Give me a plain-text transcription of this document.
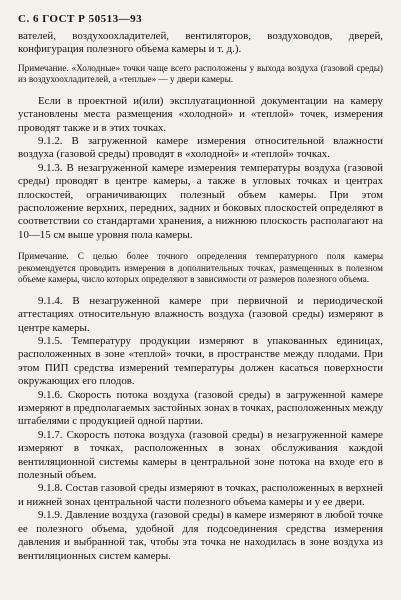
С. 6 ГОСТ Р 50513—93

вателей, воздухоохладителей, вентиляторов, воздуховодов, дверей, конфигурация полезного объема камеры и т. д.).

Примечание. «Холодные» точки чаще всего расположены у выхода воздуха (газовой среды) из воздухоохладителей, а «теплые» — у двери камеры.

Если в проектной и(или) эксплуатационной документации на камеру установлены места размещения «холодной» и «теплой» точек, измерения проводят также и в этих точках.

9.1.2. В загруженной камере измерения относительной влажности воздуха (газовой среды) проводят в «холодной» и «теплой» точках.

9.1.3. В незагруженной камере измерения температуры воздуха (газовой среды) проводят в центре камеры, а также в угловых точках и центрах плоскостей, ограничивающих полезный объем камеры. При этом расположение верхних, передних, задних и боковых плоскостей определяют в соответствии со стандартами хранения, а нижнюю плоскость располагают на 10—15 см выше уровня пола камеры.

Примечание. С целью более точного определения температурного поля камеры рекомендуется проводить измерения в дополнительных точках, размещенных в полезном объеме камеры, число которых определяют в зависимости от размеров полезного объема.

9.1.4. В незагруженной камере при первичной и периодической аттестациях относительную влажность воздуха (газовой среды) измеряют в центре камеры.

9.1.5. Температуру продукции измеряют в упакованных единицах, расположенных в зоне «теплой» точки, в пространстве между плодами. При этом ПИП средства измерений температуры должен касаться поверхности окружающих его плодов.

9.1.6. Скорость потока воздуха (газовой среды) в загруженной камере измеряют в предполагаемых застойных зонах в точках, расположенных между штабелями с продукцией одной партии.

9.1.7. Скорость потока воздуха (газовой среды) в незагруженной камере измеряют в точках, расположенных в зонах обслуживания каждой вентиляционной системы камеры в центральной зоне потока на входе его в полезный объем.

9.1.8. Состав газовой среды измеряют в точках, расположенных в верхней и нижней зонах центральной части полезного объема камеры и у ее двери.

9.1.9. Давление воздуха (газовой среды) в камере измеряют в любой точке ее полезного объема, удобной для подсоединения средства измерения давления и выбранной так, чтобы эта точка не находилась в зоне воздуха из вентиляционных систем камеры.
